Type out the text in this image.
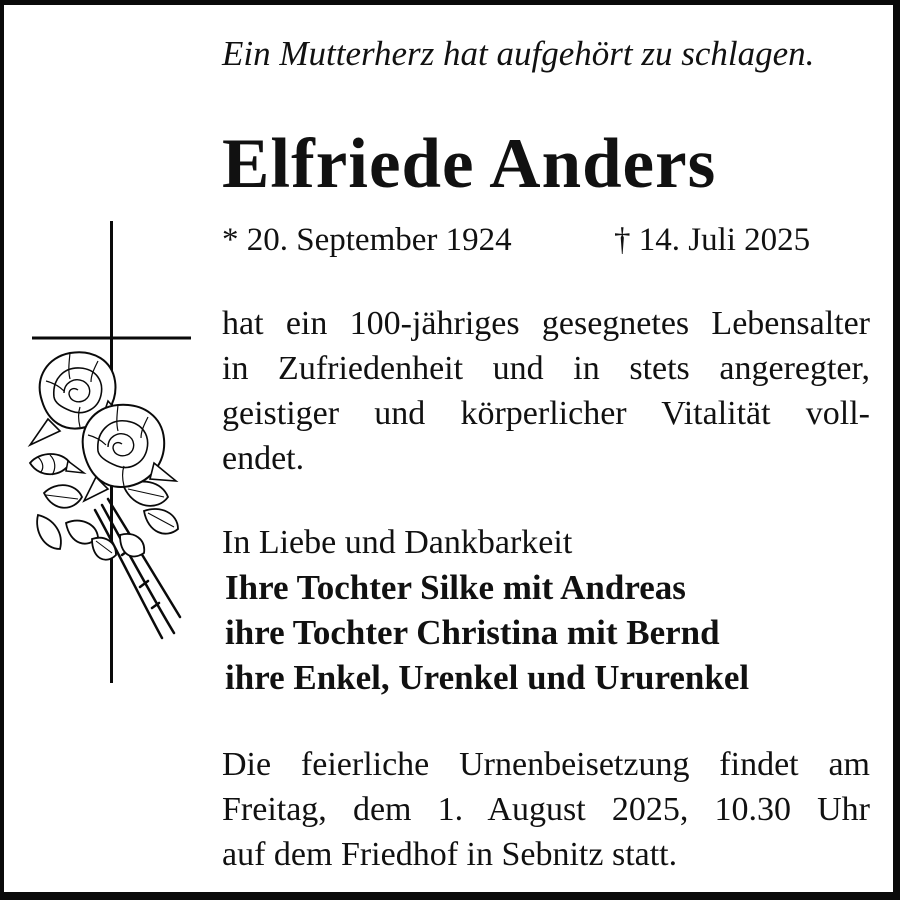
Ein Mutterherz hat aufgehört zu schlagen.
Elfriede Anders
* 20. September 1924	† 14. Juli 2025
hat ein 100-jähriges gesegnetes Lebensalter
in Zufriedenheit und in stets angeregter,
geistiger und körperlicher Vitalität voll-
endet.
In Liebe und Dankbarkeit
Ihre Tochter Silke mit Andreas
ihre Tochter Christina mit Bernd
ihre Enkel, Urenkel und Ururenkel
Die feierliche Urnenbeisetzung findet am
Freitag, dem 1. August 2025, 10.30 Uhr
auf dem Friedhof in Sebnitz statt.
